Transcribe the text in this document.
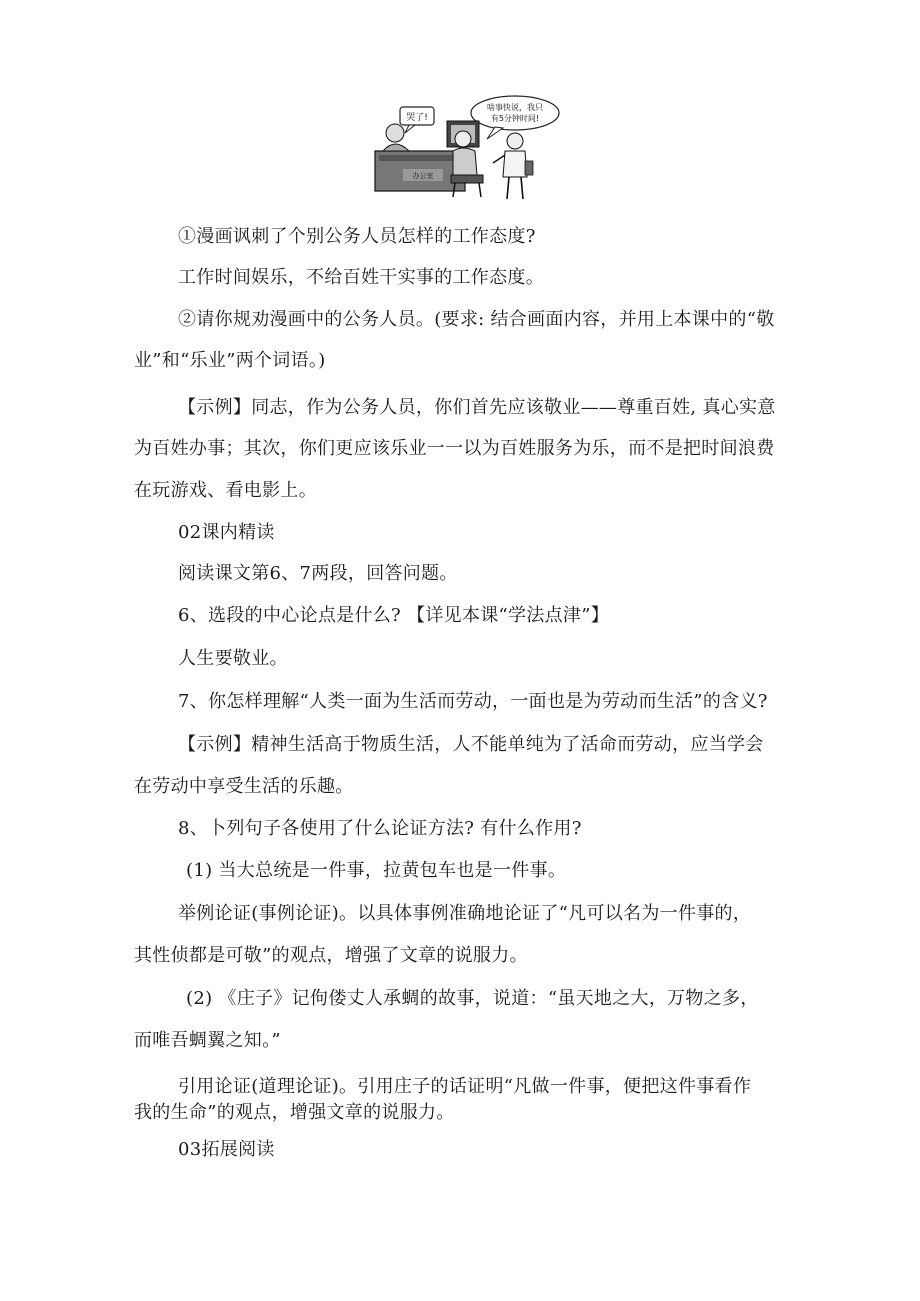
哭了!
啥事快说，我只
有5分钟时间!
办公室
①漫画讽刺了个别公务人员怎样的工作态度?
工作时间娱乐，不给百姓干实事的工作态度。
②请你规劝漫画中的公务人员。(要求: 结合画面内容，并用上本课中的“敬
业”和“乐业”两个词语。)
【示例】同志，作为公务人员，你们首先应该敬业——尊重百姓, 真心实意
为百姓办事；其次，你们更应该乐业一一以为百姓服务为乐，而不是把时间浪费
在玩游戏、看电影上。
02课内精读
阅读课文第6、7两段，回答问题。
6、选段的中心论点是什么? 【详见本课“学法点津”】
人生要敬业。
7、你怎样理解“人类一面为生活而劳动，一面也是为劳动而生活”的含义?
【示例】精神生活高于物质生活，人不能单纯为了活命而劳动，应当学会
在劳动中享受生活的乐趣。
8、卜列句子各使用了什么论证方法? 有什么作用?
(1) 当大总统是一件事，拉黄包车也是一件事。
举例论证(事例论证)。以具体事例准确地论证了“凡可以名为一件事的，
其性侦都是可敬”的观点，增强了文章的说服力。
(2) 《庄子》记佝偻丈人承蜩的故事，说道：“虽天地之大，万物之多，
而唯吾蜩翼之知。”
引用论证(道理论证)。引用庄子的话证明“凡做一件事，便把这件事看作
我的生命”的观点，增强文章的说服力。
03拓展阅读
